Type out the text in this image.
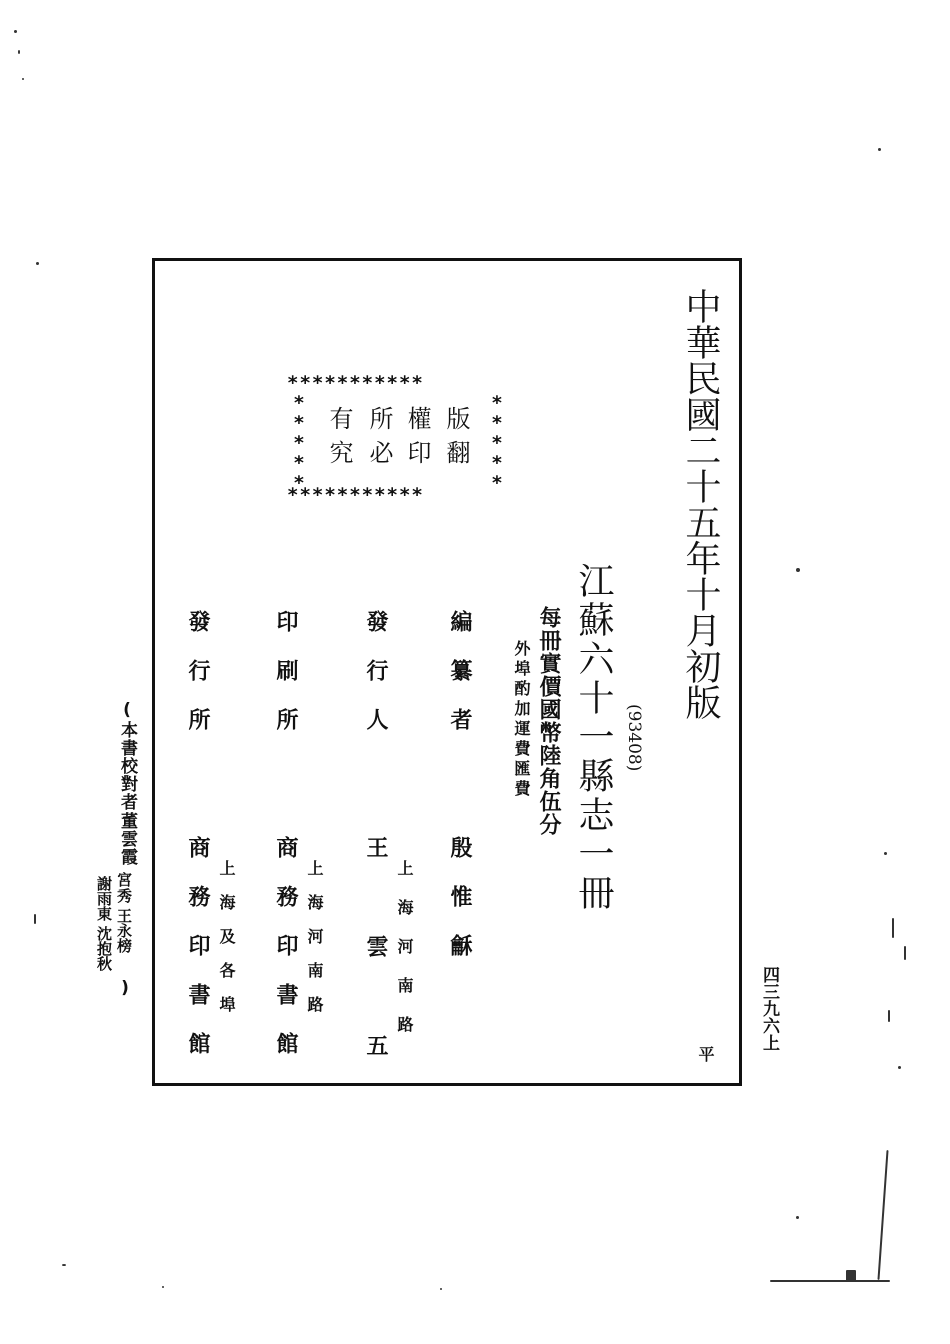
中華民國二十五年十月初版
江蘇六十一縣志一冊 (93408)
每冊實價國幣陸角伍分
外埠酌加運費匯費
***********
***********
*****	*****
版翻
權印
所必
有究
編纂者
殷惟龢
發行人
上海河南路
王雲五
印刷所
上海河南路
商務印書館
發行所
上海及各埠
商務印書館
(本書校對者
董雲霞
宮秀
王永榜
謝雨東
沈抱秋
)
平
四三九六上
